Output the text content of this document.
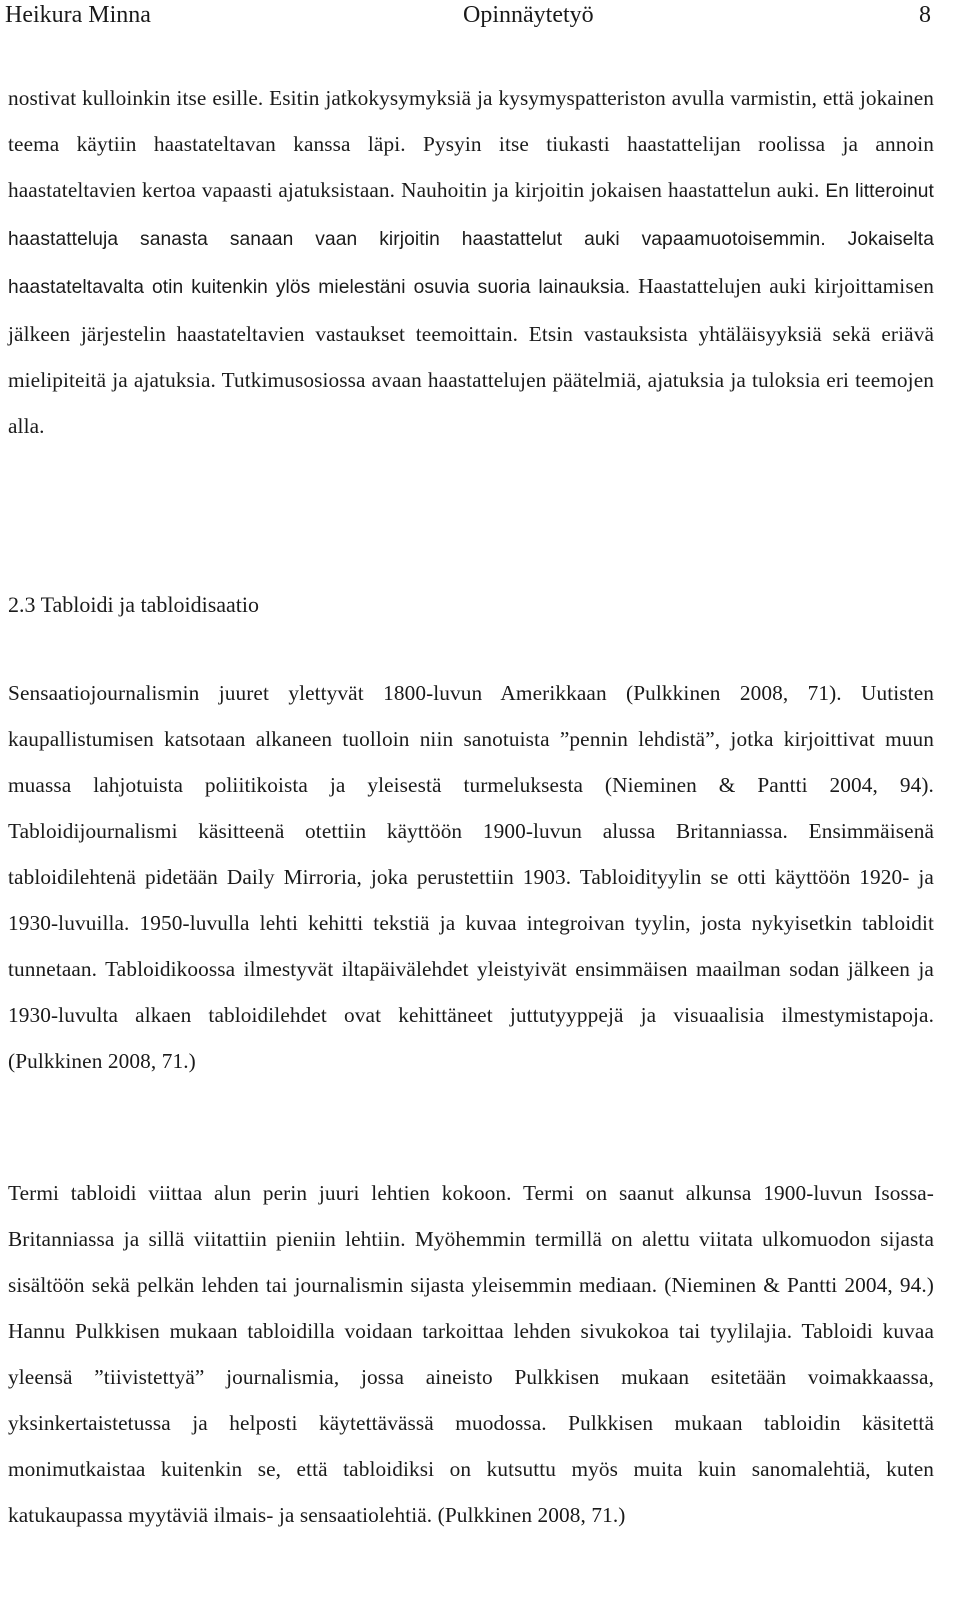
Heikura Minna	Opinnäytetyö	8

nostivat kulloinkin itse esille. Esitin jatkokysymyksiä ja kysymyspatteriston avulla varmistin, että jokainen teema käytiin haastateltavan kanssa läpi. Pysyin itse tiukasti haastattelijan roolissa ja annoin haastateltavien kertoa vapaasti ajatuksistaan. Nauhoitin ja kirjoitin jokaisen haastattelun auki. En litteroinut haastatteluja sanasta sanaan vaan kirjoitin haastattelut auki vapaamuotoisemmin. Jokaiselta haastateltavalta otin kuitenkin ylös mielestäni osuvia suoria lainauksia. Haastattelujen auki kirjoittamisen jälkeen järjestelin haastateltavien vastaukset teemoittain. Etsin vastauksista yhtäläisyyksiä sekä eriävä mielipiteitä ja ajatuksia. Tutkimusosiossa avaan haastattelujen päätelmiä, ajatuksia ja tuloksia eri teemojen alla.

2.3 Tabloidi ja tabloidisaatio

Sensaatiojournalismin juuret ylettyvät 1800-luvun Amerikkaan (Pulkkinen 2008, 71). Uutisten kaupallistumisen katsotaan alkaneen tuolloin niin sanotuista ”pennin lehdistä”, jotka kirjoittivat muun muassa lahjotuista poliitikoista ja yleisestä turmeluksesta (Nieminen & Pantti 2004, 94). Tabloidijournalismi käsitteenä otettiin käyttöön 1900-luvun alussa Britanniassa. Ensimmäisenä tabloidilehtenä pidetään Daily Mirroria, joka perustettiin 1903. Tabloidityylin se otti käyttöön 1920- ja 1930-luvuilla. 1950-luvulla lehti kehitti tekstiä ja kuvaa integroivan tyylin, josta nykyisetkin tabloidit tunnetaan. Tabloidikoossa ilmestyvät iltapäivälehdet yleistyivät ensimmäisen maailman sodan jälkeen ja 1930-luvulta alkaen tabloidilehdet ovat kehittäneet juttutyyppejä ja visuaalisia ilmestymistapoja. (Pulkkinen 2008, 71.)

Termi tabloidi viittaa alun perin juuri lehtien kokoon. Termi on saanut alkunsa 1900-luvun Isossa-Britanniassa ja sillä viitattiin pieniin lehtiin. Myöhemmin termillä on alettu viitata ulkomuodon sijasta sisältöön sekä pelkän lehden tai journalismin sijasta yleisemmin mediaan. (Nieminen & Pantti 2004, 94.) Hannu Pulkkisen mukaan tabloidilla voidaan tarkoittaa lehden sivukokoa tai tyylilajia. Tabloidi kuvaa yleensä ”tiivistettyä” journalismia, jossa aineisto Pulkkisen mukaan esitetään voimakkaassa, yksinkertaistetussa ja helposti käytettävässä muodossa. Pulkkisen mukaan tabloidin käsitettä monimutkaistaa kuitenkin se, että tabloidiksi on kutsuttu myös muita kuin sanomalehtiä, kuten katukaupassa myytäviä ilmais- ja sensaatiolehtiä. (Pulkkinen 2008, 71.)
